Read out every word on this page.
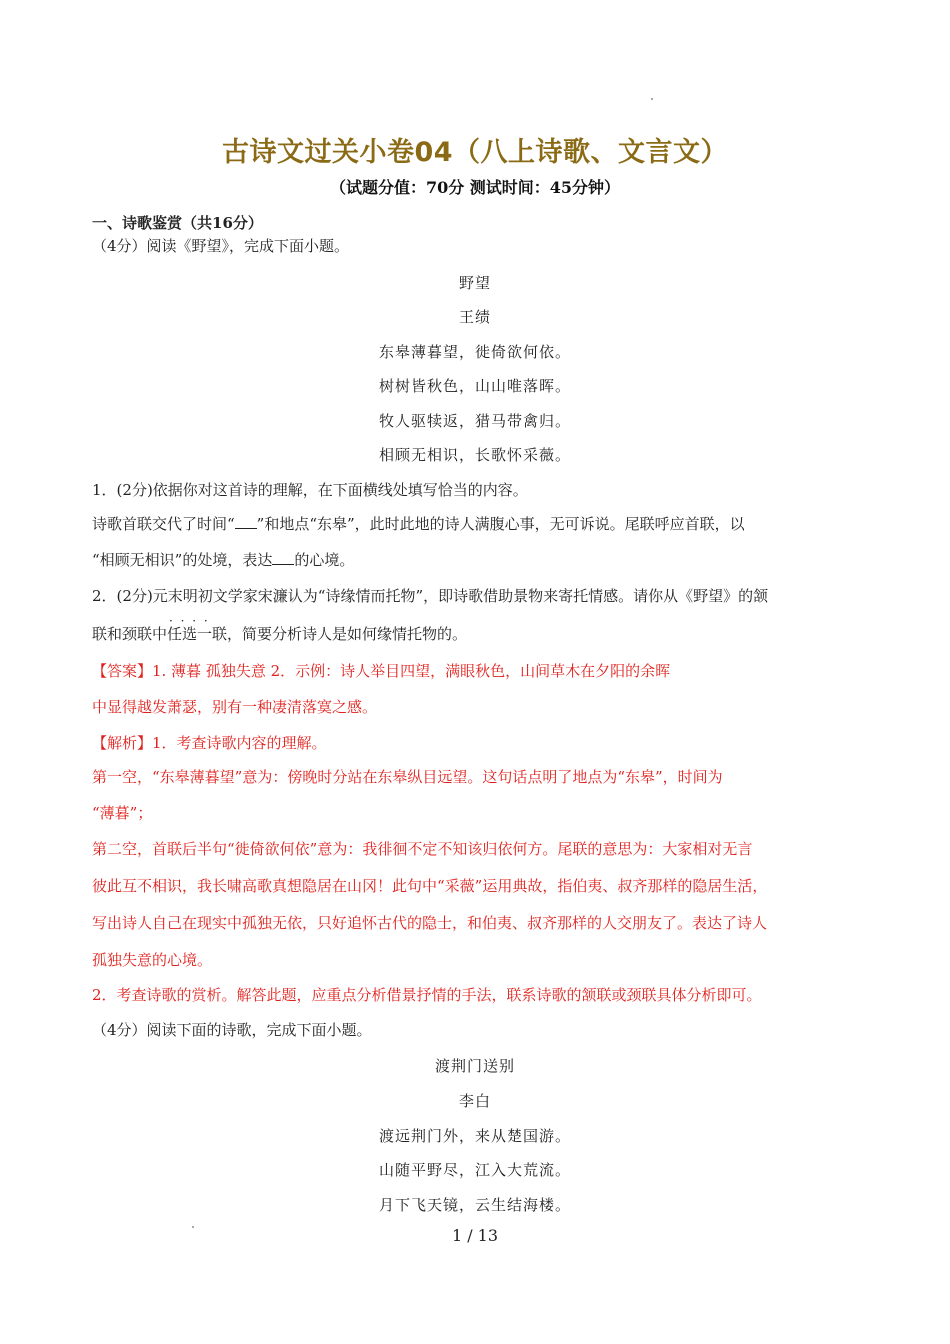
古诗文过关小卷04（八上诗歌、文言文）
（试题分值：70分 测试时间：45分钟）
一、诗歌鉴赏（共16分）
（4分）阅读《野望》，完成下面小题。
野望
王绩
东皋薄暮望，徙倚欲何依。
树树皆秋色，山山唯落晖。
牧人驱犊返，猎马带禽归。
相顾无相识，长歌怀采薇。
1．(2分)依据你对这首诗的理解，在下面横线处填写恰当的内容。
诗歌首联交代了时间“ ”和地点“东皋”，此时此地的诗人满腹心事，无可诉说。尾联呼应首联，以
“相顾无相识”的处境，表达 的心境。
2．(2分)元末明初文学家宋濂认为“诗缘情而托物”，即诗歌借助景物来寄托情感。请你从《野望》的颔
联和颈联中· · 任选一联，简要分析诗人是如何缘情托物的。
【答案】1. 薄暮 孤独失意 2．示例：诗人举目四望，满眼秋色，山间草木在夕阳的余晖
中显得越发萧瑟，别有一种凄清落寞之感。
【解析】1．考查诗歌内容的理解。
第一空，“东皋薄暮望”意为：傍晚时分站在东皋纵目远望。这句话点明了地点为“东皋”，时间为
“薄暮”；
第二空，首联后半句“徙倚欲何依”意为：我徘徊不定不知该归依何方。尾联的意思为：大家相对无言
彼此互不相识，我长啸高歌真想隐居在山冈！此句中“采薇”运用典故，指伯夷、叔齐那样的隐居生活，
写出诗人自己在现实中孤独无依，只好追怀古代的隐士，和伯夷、叔齐那样的人交朋友了。表达了诗人
孤独失意的心境。
2．考查诗歌的赏析。解答此题，应重点分析借景抒情的手法，联系诗歌的颔联或颈联具体分析即可。
（4分）阅读下面的诗歌，完成下面小题。
渡荆门送别
李白
渡远荆门外，来从楚国游。
山随平野尽，江入大荒流。
月下飞天镜，云生结海楼。
1 / 13
